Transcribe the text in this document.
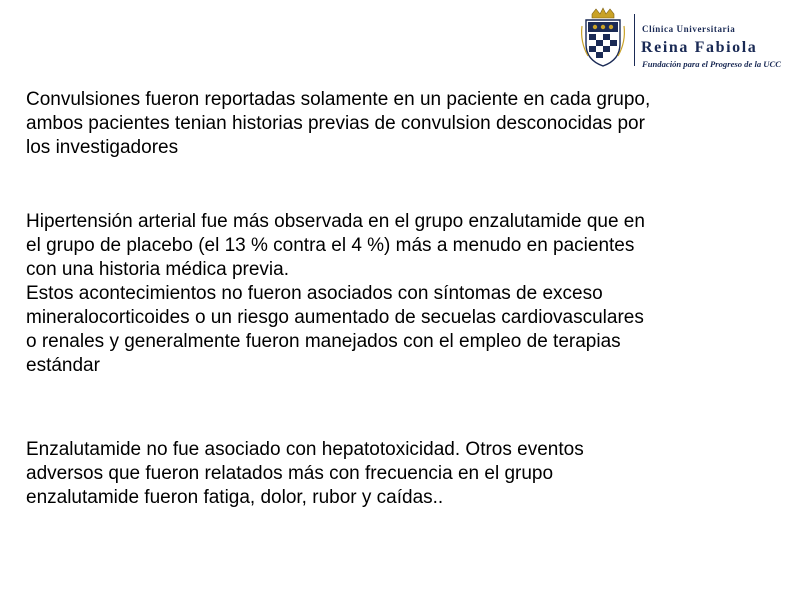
Clínica Universitaria
Reina Fabiola
Fundación para el Progreso de la UCC

Convulsiones fueron reportadas solamente en un paciente en cada grupo,
ambos pacientes tenian historias previas de convulsion desconocidas por
los investigadores

Hipertensión arterial fue más observada en el grupo enzalutamide que en
el grupo de placebo (el 13 % contra el 4 %) más a menudo en pacientes
con una historia médica previa.
Estos acontecimientos no fueron asociados con síntomas de exceso
mineralocorticoides o un riesgo aumentado de secuelas cardiovasculares
o renales y generalmente fueron manejados con el empleo de terapias
estándar

Enzalutamide no fue asociado con hepatotoxicidad. Otros eventos
adversos que fueron relatados más con frecuencia en el grupo
enzalutamide fueron fatiga, dolor, rubor y caídas..
